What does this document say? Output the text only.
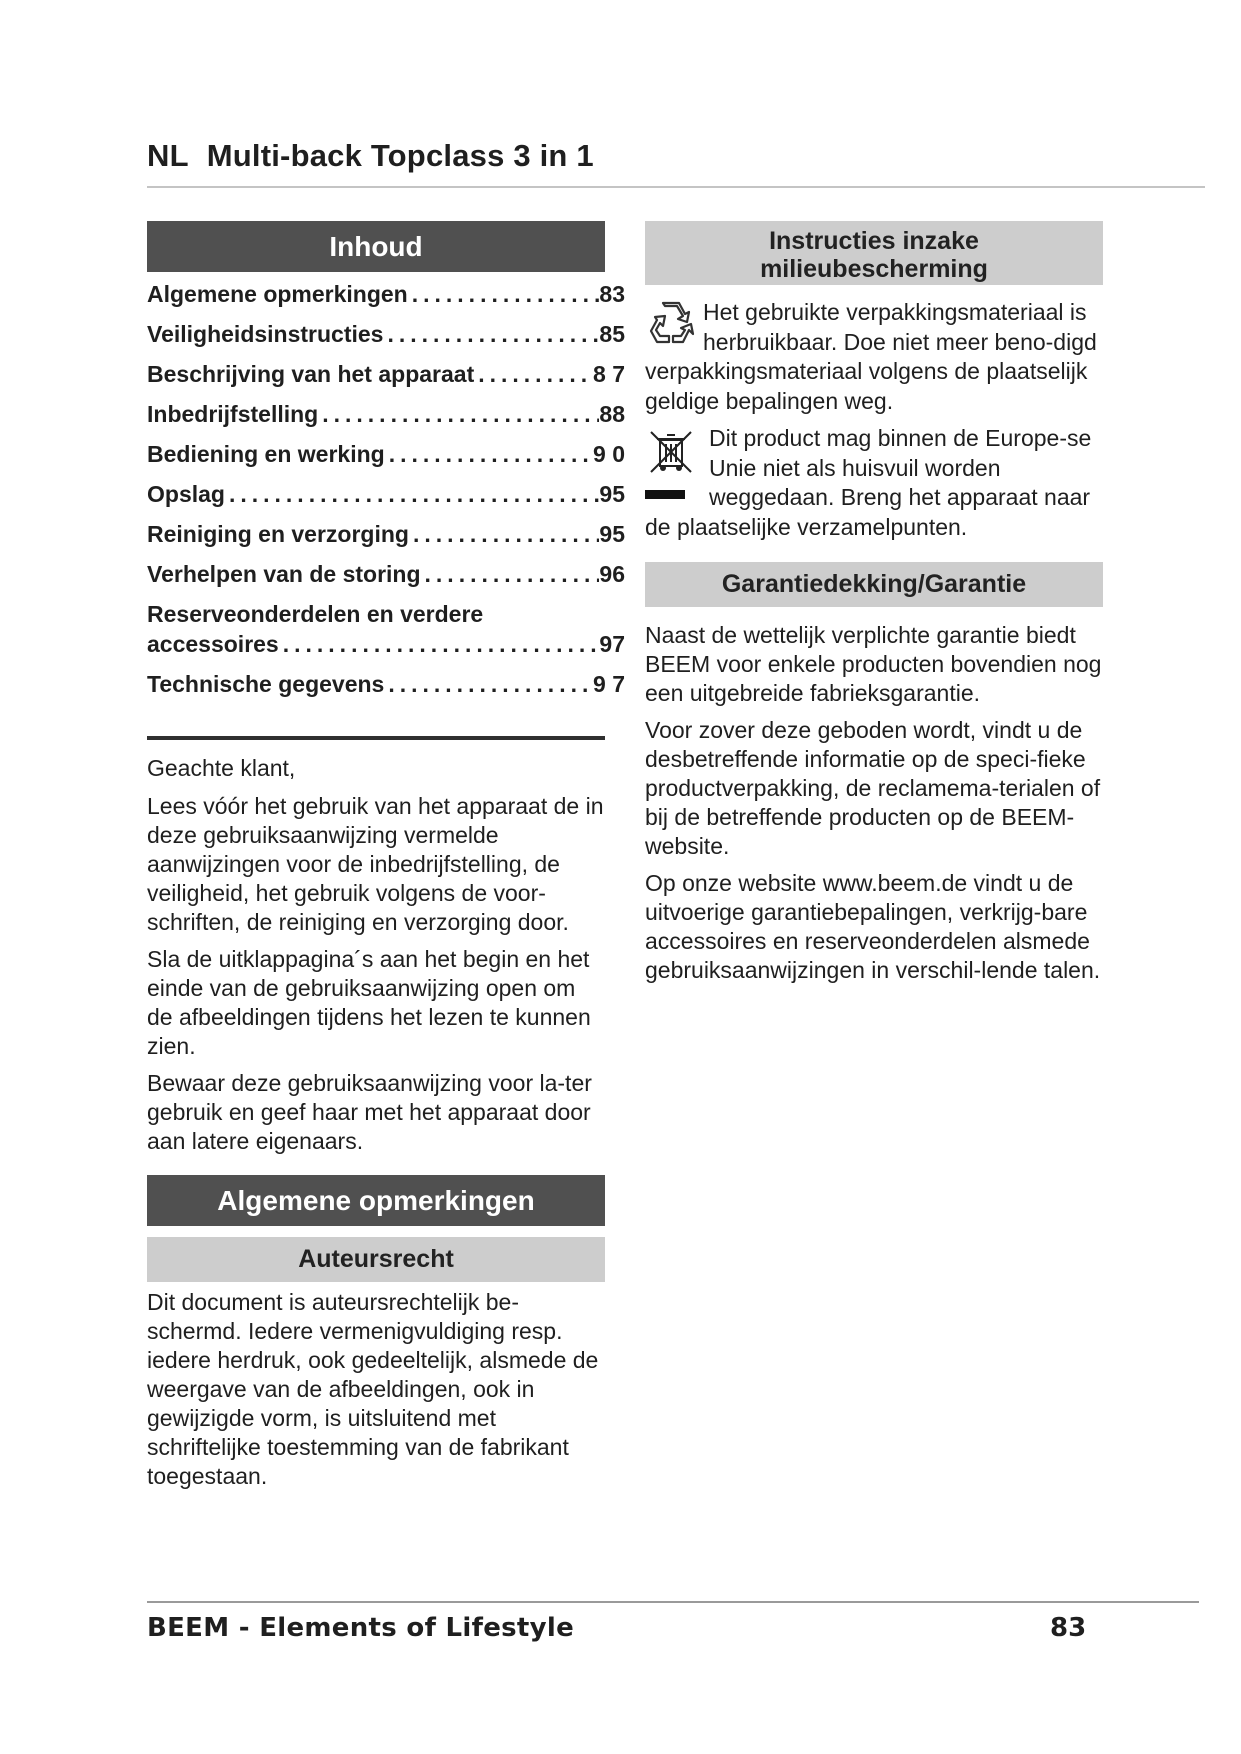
NL Multi-back Topclass 3 in 1
Inhoud
Algemene opmerkingen .....	83
Veiligheidsinstructies .....	85
Beschrijving van het apparaat .....	8 7
Inbedrijfstelling .....	88
Bediening en werking .....	9 0
Opslag .....	95
Reiniging en verzorging .....	95
Verhelpen van de storing .....	96
Reserveonderdelen en verdere
accessoires .....	97
Technische gegevens .....	9 7

Geachte klant,

Lees vóór het gebruik van het apparaat de in deze gebruiksaanwijzing vermelde aanwijzingen voor de inbedrijfstelling, de veiligheid, het gebruik volgens de voor-schriften, de reiniging en verzorging door.

Sla de uitklappagina´s aan het begin en het einde van de gebruiksaanwijzing open om de afbeeldingen tijdens het lezen te kunnen zien.

Bewaar deze gebruiksaanwijzing voor la-ter gebruik en geef haar met het apparaat door aan latere eigenaars.

Algemene opmerkingen
Auteursrecht

Dit document is auteursrechtelijk be-schermd. Iedere vermenigvuldiging resp. iedere herdruk, ook gedeeltelijk, alsmede de weergave van de afbeeldingen, ook in gewijzigde vorm, is uitsluitend met schriftelijke toestemming van de fabrikant toegestaan.

Instructies inzake
milieubescherming
Het gebruikte verpakkingsmateriaal is herbruikbaar. Doe niet meer beno-digd verpakkingsmateriaal volgens de plaatselijk geldige bepalingen weg.
Dit product mag binnen de Europe-se Unie niet als huisvuil worden weggedaan. Breng het apparaat naar de plaatselijke verzamelpunten.
Garantiedekking/Garantie

Naast de wettelijk verplichte garantie biedt BEEM voor enkele producten bovendien nog een uitgebreide fabrieksgarantie.

Voor zover deze geboden wordt, vindt u de desbetreffende informatie op de speci-fieke productverpakking, de reclamema-terialen of bij de betreffende producten op de BEEM-website.

Op onze website www.beem.de vindt u de uitvoerige garantiebepalingen, verkrijg-bare accessoires en reserveonderdelen alsmede gebruiksaanwijzingen in verschil-lende talen.

BEEM - Elements of Lifestyle	83
